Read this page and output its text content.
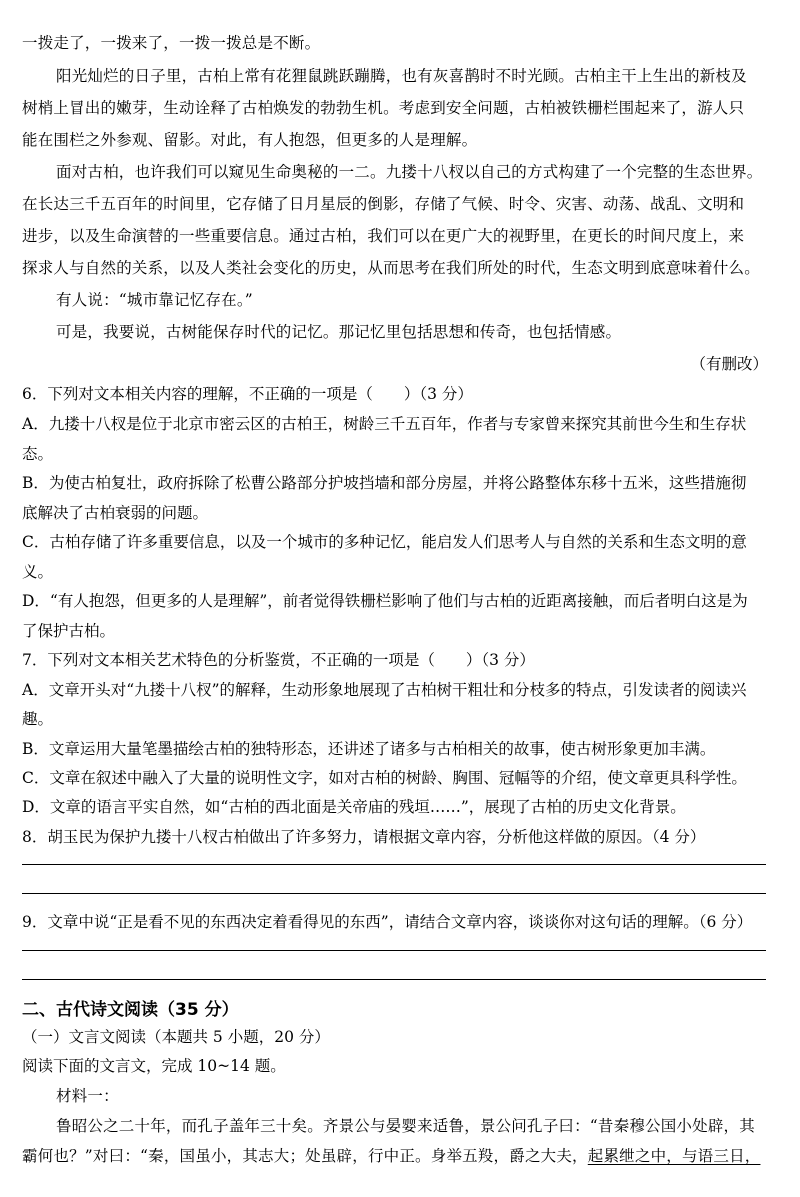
一拨走了，一拨来了，一拨一拨总是不断。
阳光灿烂的日子里，古柏上常有花狸鼠跳跃蹦腾，也有灰喜鹊时不时光顾。古柏主干上生出的新枝及
树梢上冒出的嫩芽，生动诠释了古柏焕发的勃勃生机。考虑到安全问题，古柏被铁栅栏围起来了，游人只
能在围栏之外参观、留影。对此，有人抱怨，但更多的人是理解。
面对古柏，也许我们可以窥见生命奥秘的一二。九搂十八杈以自己的方式构建了一个完整的生态世界。
在长达三千五百年的时间里，它存储了日月星辰的倒影，存储了气候、时令、灾害、动荡、战乱、文明和
进步，以及生命演替的一些重要信息。通过古柏，我们可以在更广大的视野里，在更长的时间尺度上，来
探求人与自然的关系，以及人类社会变化的历史，从而思考在我们所处的时代，生态文明到底意味着什么。
有人说：“城市靠记忆存在。”
可是，我要说，古树能保存时代的记忆。那记忆里包括思想和传奇，也包括情感。
（有删改）
6．下列对文本相关内容的理解，不正确的一项是（　　）（3 分）
A．九搂十八杈是位于北京市密云区的古柏王，树龄三千五百年，作者与专家曾来探究其前世今生和生存状
态。
B．为使古柏复壮，政府拆除了松曹公路部分护坡挡墙和部分房屋，并将公路整体东移十五米，这些措施彻
底解决了古柏衰弱的问题。
C．古柏存储了许多重要信息，以及一个城市的多种记忆，能启发人们思考人与自然的关系和生态文明的意
义。
D．“有人抱怨，但更多的人是理解”，前者觉得铁栅栏影响了他们与古柏的近距离接触，而后者明白这是为
了保护古柏。
7．下列对文本相关艺术特色的分析鉴赏，不正确的一项是（　　）（3 分）
A．文章开头对“九搂十八杈”的解释，生动形象地展现了古柏树干粗壮和分枝多的特点，引发读者的阅读兴
趣。
B．文章运用大量笔墨描绘古柏的独特形态，还讲述了诸多与古柏相关的故事，使古树形象更加丰满。
C．文章在叙述中融入了大量的说明性文字，如对古柏的树龄、胸围、冠幅等的介绍，使文章更具科学性。
D．文章的语言平实自然，如“古柏的西北面是关帝庙的残垣……”，展现了古柏的历史文化背景。
8．胡玉民为保护九搂十八杈古柏做出了许多努力，请根据文章内容，分析他这样做的原因。（4 分）
9．文章中说“正是看不见的东西决定着看得见的东西”，请结合文章内容，谈谈你对这句话的理解。（6 分）
二、古代诗文阅读（35 分）
（一）文言文阅读（本题共 5 小题，20 分）
阅读下面的文言文，完成 10~14 题。
材料一：
鲁昭公之二十年，而孔子盖年三十矣。齐景公与晏婴来适鲁，景公问孔子曰：“昔秦穆公国小处辟，其
霸何也？”对曰：“秦，国虽小，其志大；处虽辟，行中正。身举五羖，爵之大夫，起累绁之中，与语三日，
